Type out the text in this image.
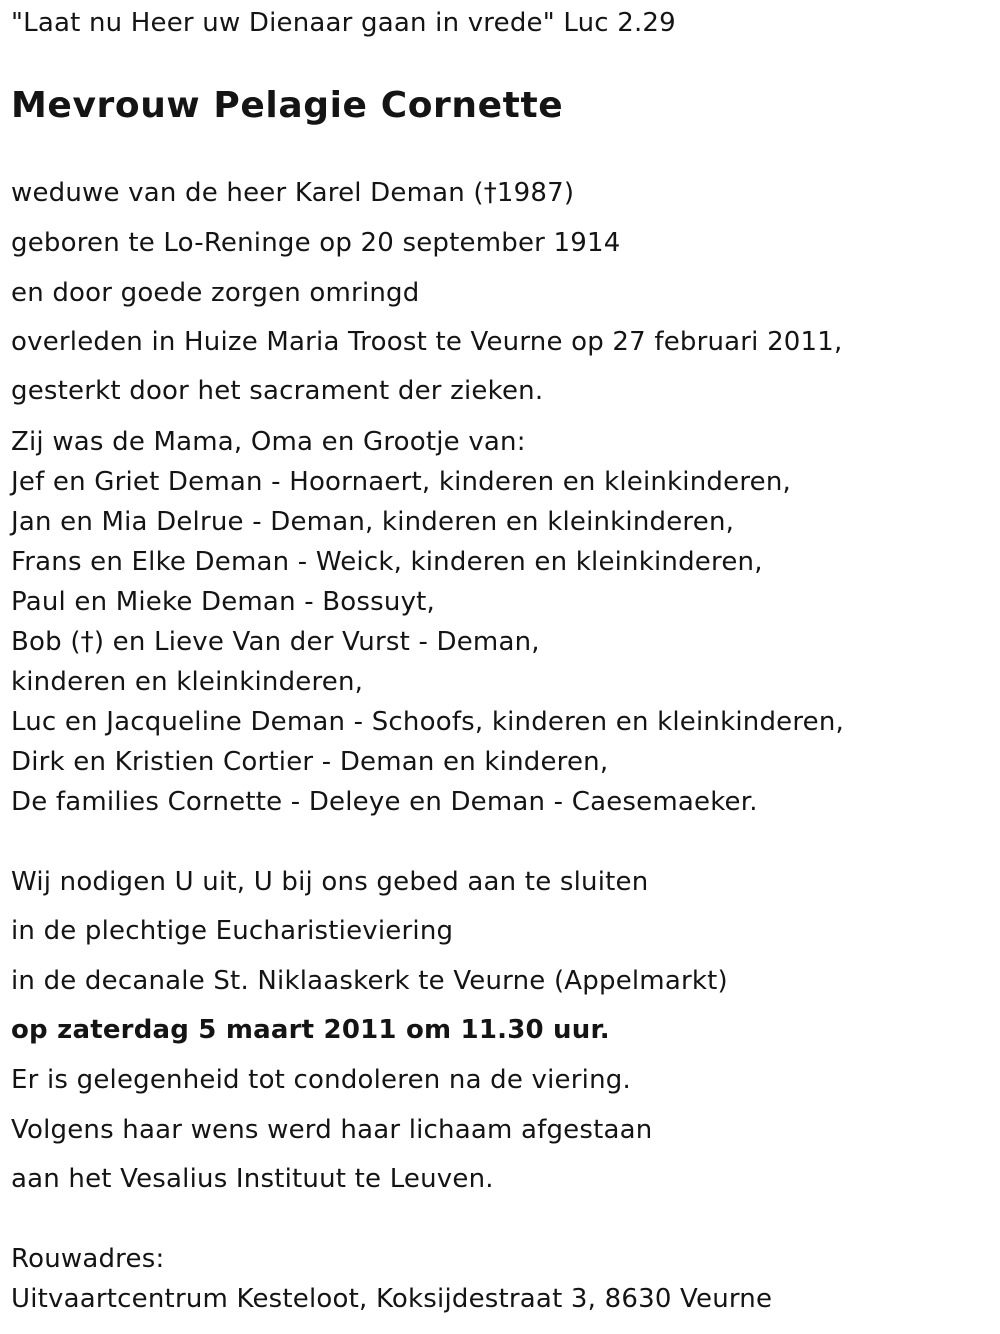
"Laat nu Heer uw Dienaar gaan in vrede" Luc 2.29
Mevrouw Pelagie Cornette
weduwe van de heer Karel Deman (†1987)
geboren te Lo-Reninge op 20 september 1914
en door goede zorgen omringd
overleden in Huize Maria Troost te Veurne op 27 februari 2011,
gesterkt door het sacrament der zieken.
Zij was de Mama, Oma en Grootje van:
Jef en Griet Deman - Hoornaert, kinderen en kleinkinderen,
Jan en Mia Delrue - Deman, kinderen en kleinkinderen,
Frans en Elke Deman - Weick, kinderen en kleinkinderen,
Paul en Mieke Deman - Bossuyt,
Bob (†) en Lieve Van der Vurst - Deman,
kinderen en kleinkinderen,
Luc en Jacqueline Deman - Schoofs, kinderen en kleinkinderen,
Dirk en Kristien Cortier - Deman en kinderen,
De families Cornette - Deleye en Deman - Caesemaeker.
Wij nodigen U uit, U bij ons gebed aan te sluiten
in de plechtige Eucharistieviering
in de decanale St. Niklaaskerk te Veurne (Appelmarkt)
op zaterdag 5 maart 2011 om 11.30 uur.
Er is gelegenheid tot condoleren na de viering.
Volgens haar wens werd haar lichaam afgestaan
aan het Vesalius Instituut te Leuven.
Rouwadres:
Uitvaartcentrum Kesteloot, Koksijdestraat 3, 8630 Veurne
